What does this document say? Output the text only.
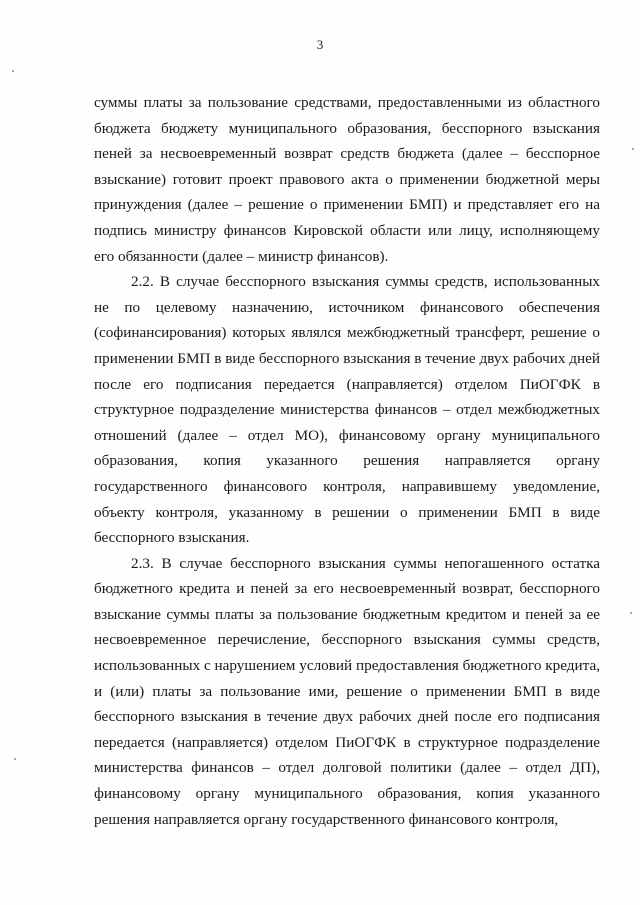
3

суммы платы за пользование средствами, предоставленными из областного бюджета бюджету муниципального образования, бесспорного взыскания пеней за несвоевременный возврат средств бюджета (далее – бесспорное взыскание) готовит проект правового акта о применении бюджетной меры принуждения (далее – решение о применении БМП) и представляет его на подпись министру финансов Кировской области или лицу, исполняющему его обязанности (далее – министр финансов).

2.2. В случае бесспорного взыскания суммы средств, использованных не по целевому назначению, источником финансового обеспечения (софинансирования) которых являлся межбюджетный трансферт, решение о применении БМП в виде бесспорного взыскания в течение двух рабочих дней после его подписания передается (направляется) отделом ПиОГФК в структурное подразделение министерства финансов – отдел межбюджетных отношений (далее – отдел МО), финансовому органу муниципального образования, копия указанного решения направляется органу государственного финансового контроля, направившему уведомление, объекту контроля, указанному в решении о применении БМП в виде бесспорного взыскания.

2.3. В случае бесспорного взыскания суммы непогашенного остатка бюджетного кредита и пеней за его несвоевременный возврат, бесспорного взыскание суммы платы за пользование бюджетным кредитом и пеней за ее несвоевременное перечисление, бесспорного взыскания суммы средств, использованных с нарушением условий предоставления бюджетного кредита, и (или) платы за пользование ими, решение о применении БМП в виде бесспорного взыскания в течение двух рабочих дней после его подписания передается (направляется) отделом ПиОГФК в структурное подразделение министерства финансов – отдел долговой политики (далее – отдел ДП), финансовому органу муниципального образования, копия указанного решения направляется органу государственного финансового контроля,
